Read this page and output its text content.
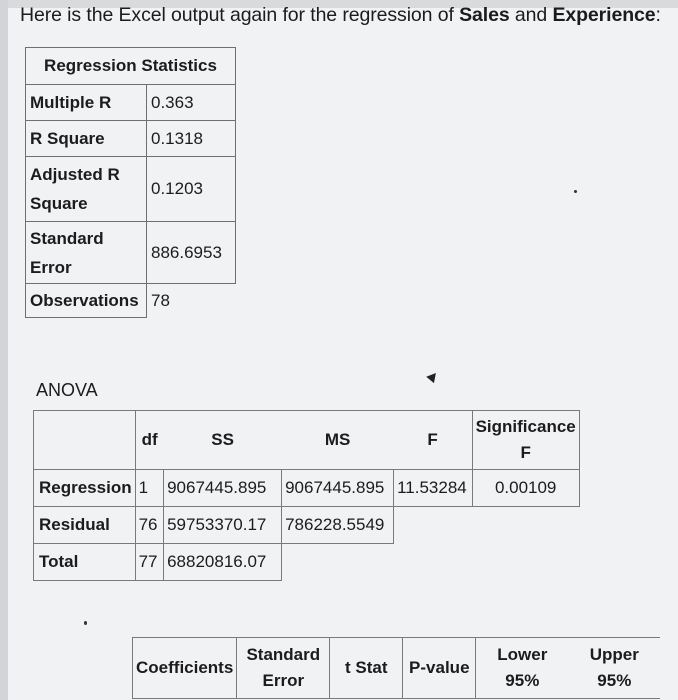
Here is the Excel output again for the regression of Sales and Experience:
Regression Statistics	
Multiple R	0.363
R Square	0.1318

Adjusted R
Square	0.1203

Standard
Error	886.6953
Observations	78
ANOVA
	df	SS	MS	F	Significance F
Regression	1	9067445.895	9067445.895	11.53284	0.00109
Residual	76	59753370.17	786228.5549		
Total	77	68820816.07			
Coefficients	Standard Error	t Stat	P-value	Lower 95%	Upper 95%
